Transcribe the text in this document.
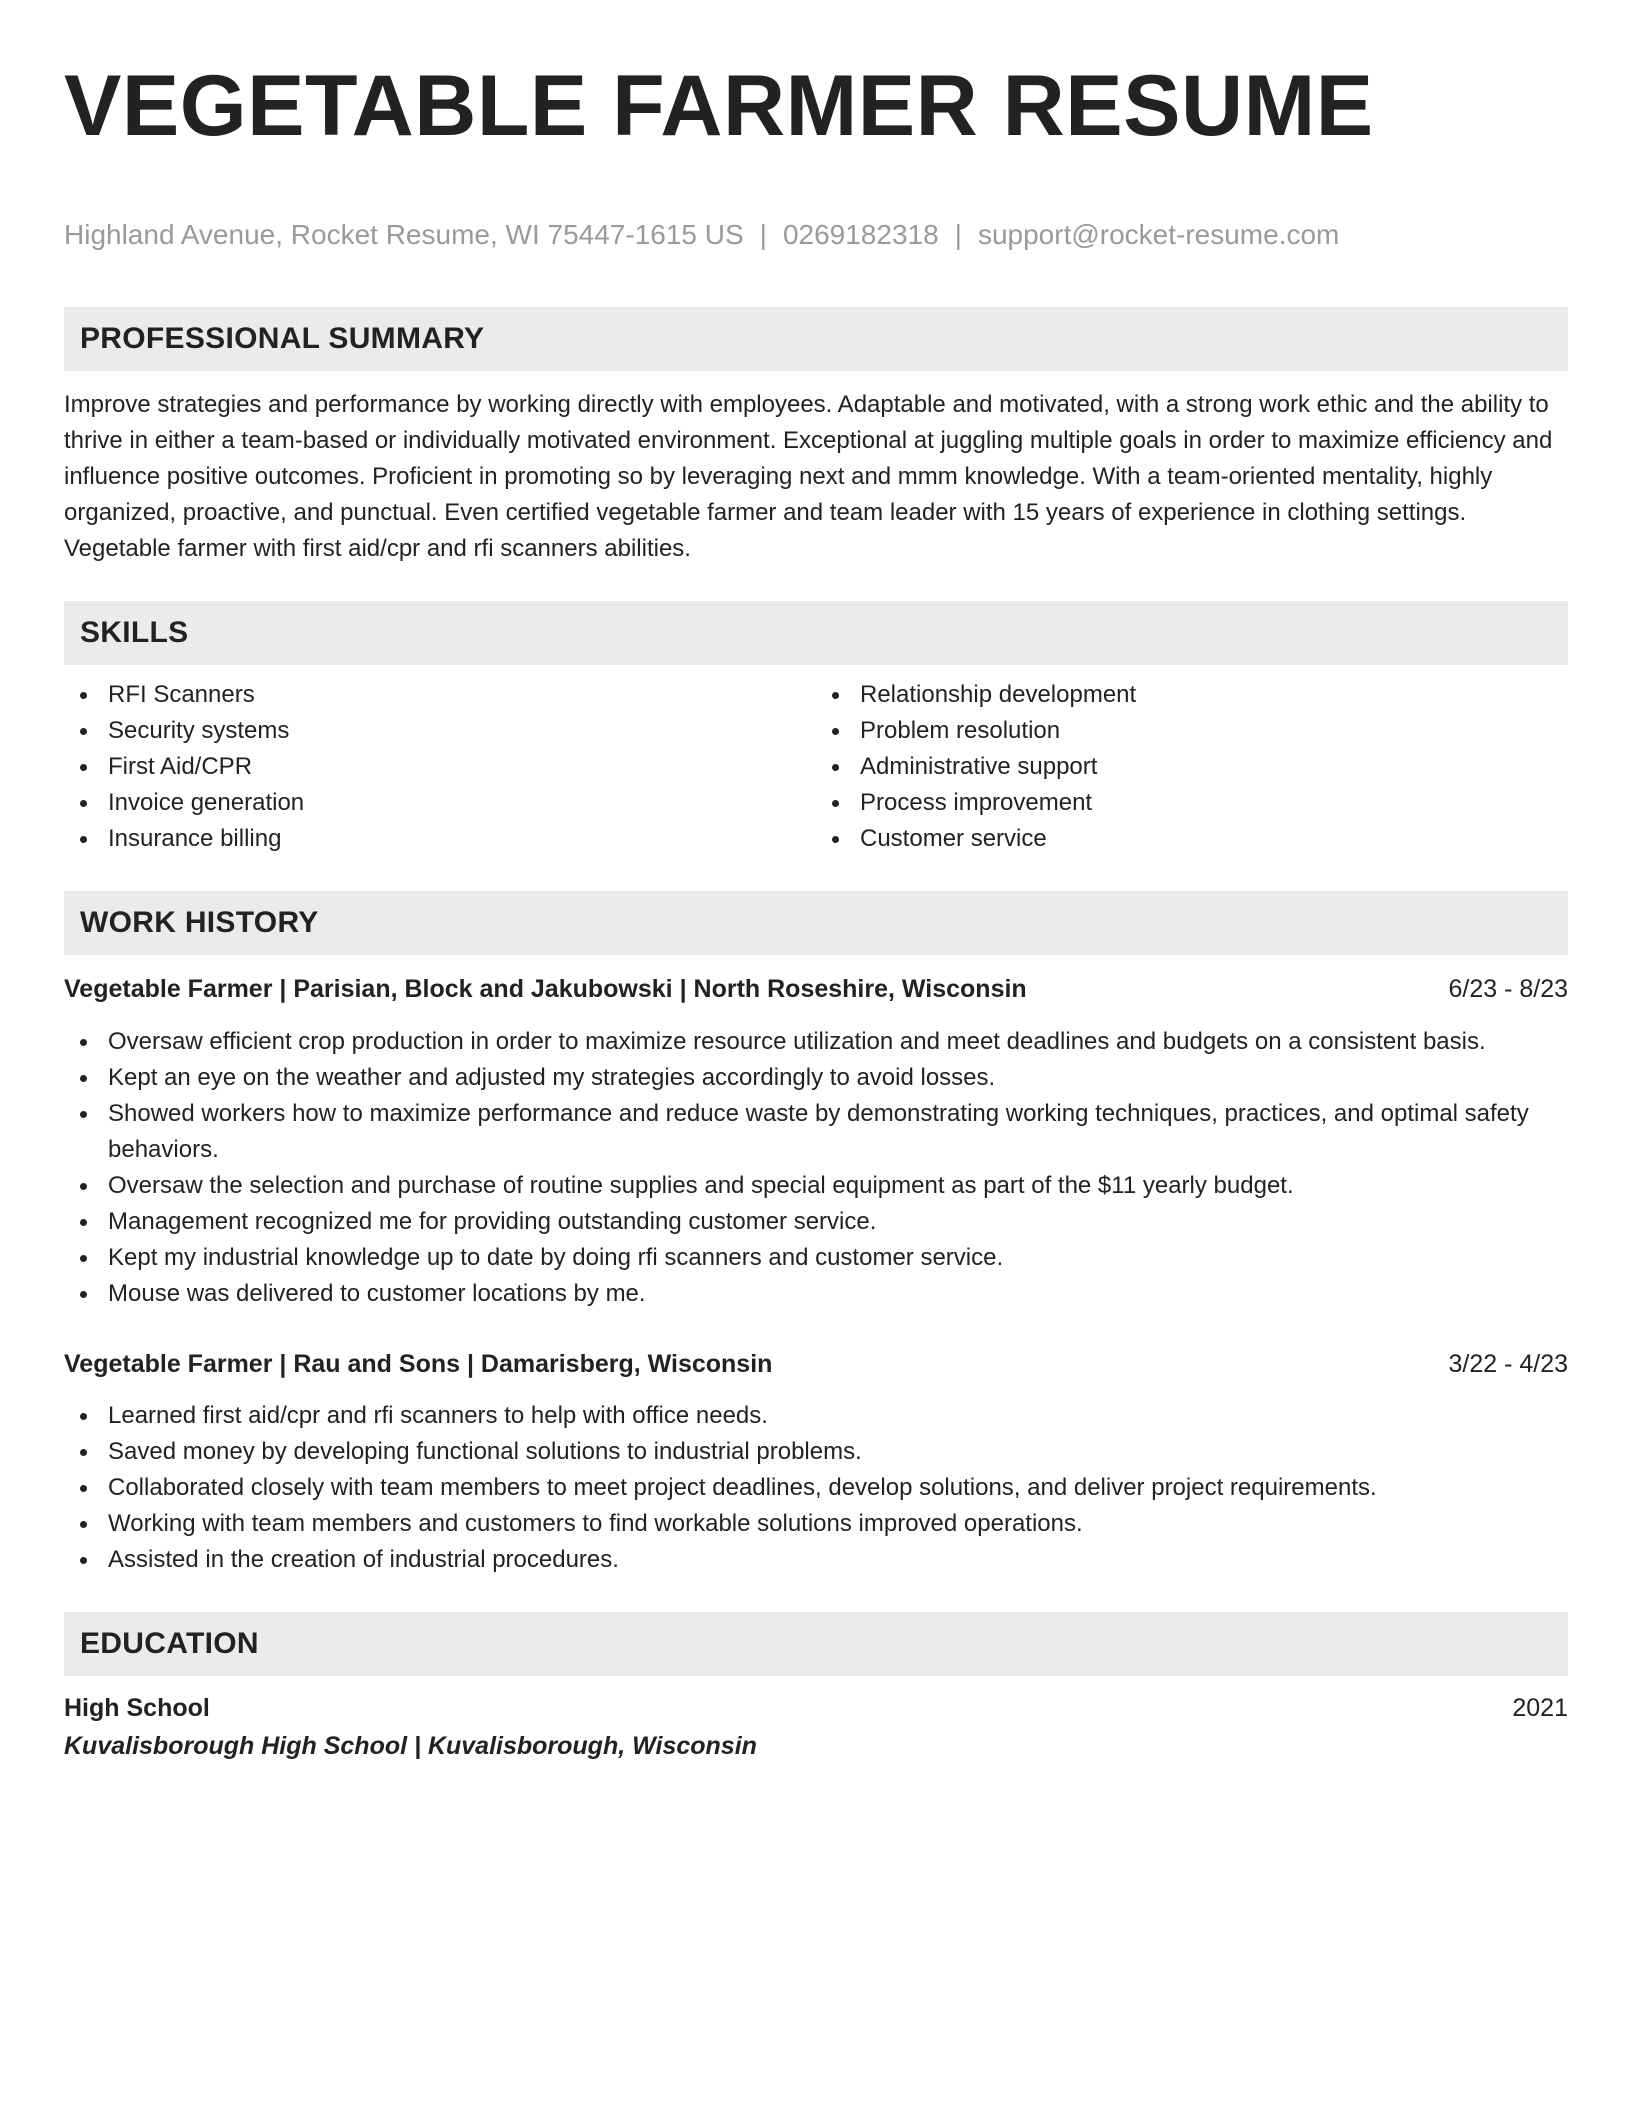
VEGETABLE FARMER RESUME
Highland Avenue, Rocket Resume, WI 75447-1615 US | 0269182318 | support@rocket-resume.com
PROFESSIONAL SUMMARY

Improve strategies and performance by working directly with employees. Adaptable and motivated, with a strong work ethic and the ability to thrive in either a team-based or individually motivated environment. Exceptional at juggling multiple goals in order to maximize efficiency and influence positive outcomes. Proficient in promoting so by leveraging next and mmm knowledge. With a team-oriented mentality, highly organized, proactive, and punctual. Even certified vegetable farmer and team leader with 15 years of experience in clothing settings. Vegetable farmer with first aid/cpr and rfi scanners abilities.

SKILLS
RFI Scanners
Security systems
First Aid/CPR
Invoice generation
Insurance billing
Relationship development
Problem resolution
Administrative support
Process improvement
Customer service
WORK HISTORY
Vegetable Farmer | Parisian, Block and Jakubowski | North Roseshire, Wisconsin	6/23 - 8/23
Oversaw efficient crop production in order to maximize resource utilization and meet deadlines and budgets on a consistent basis.
Kept an eye on the weather and adjusted my strategies accordingly to avoid losses.
Showed workers how to maximize performance and reduce waste by demonstrating working techniques, practices, and optimal safety behaviors.
Oversaw the selection and purchase of routine supplies and special equipment as part of the $11 yearly budget.
Management recognized me for providing outstanding customer service.
Kept my industrial knowledge up to date by doing rfi scanners and customer service.
Mouse was delivered to customer locations by me.
Vegetable Farmer | Rau and Sons | Damarisberg, Wisconsin	3/22 - 4/23
Learned first aid/cpr and rfi scanners to help with office needs.
Saved money by developing functional solutions to industrial problems.
Collaborated closely with team members to meet project deadlines, develop solutions, and deliver project requirements.
Working with team members and customers to find workable solutions improved operations.
Assisted in the creation of industrial procedures.
EDUCATION
High School	2021
Kuvalisborough High School | Kuvalisborough, Wisconsin
